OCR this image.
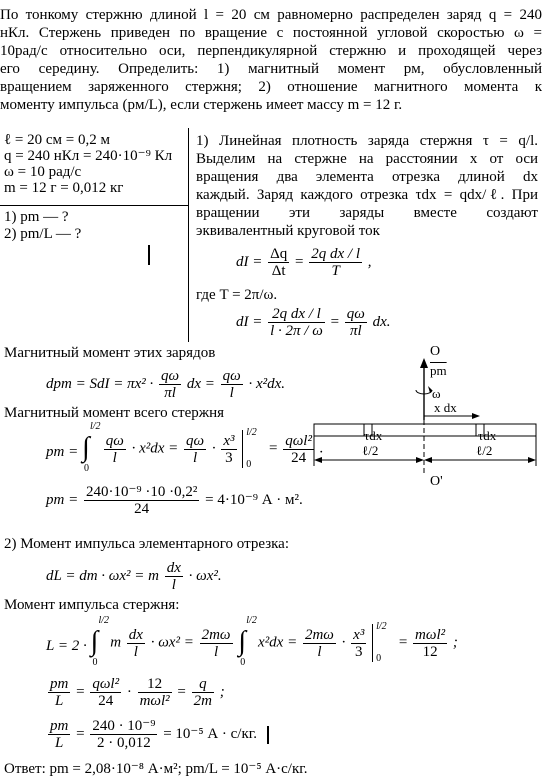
По тонкому стержню длиной l = 20 см равномерно распределен заряд q = 240
нКл. Стержень приведен по вращение с постоянной угловой скоростью ω =
10рад/с относительно оси, перпендикулярной стержню и проходящей через
его середину. Определить: 1) магнитный момент pм, обусловленный
вращением заряженного стержня; 2) отношение магнитного момента к
моменту импульса (pм/L), если стержень имеет массу m = 12 г.
ℓ = 20 см = 0,2 м
q = 240 нКл = 240·10⁻⁹ Кл
ω = 10 рад/с
m = 12 г = 0,012 кг
1) pm — ?
2) pm/L — ?
1) Линейная плотность заряда стержня τ = q/l.
Выделим на стержне на расстоянии x от оси
вращения два элемента отрезка длиной dx
каждый. Заряд каждого отрезка τdx = qdx/ℓ. При
вращении эти заряды вместе создают
эквивалентный круговой ток
dI = $\frac{\Delta q}{\Delta t} = \frac{\text{2q dx / l}}{T}$ ,
где T = 2π/ω.
dI = $\frac{\text{2q dx / l}}{l \cdot 2\pi / \omega} = \frac{q\omega}{\pi l}$ dx.
Магнитный момент этих зарядов
dpm = SdI = $\pi x^2 \cdot \frac{q\omega}{\pi l}$ dx = $\frac{q\omega}{l} \cdot x^2dx$.
Магнитный момент всего стержня
pm = ∫
l/2
0

$\frac{q\omega}{l} \cdot x^2dx = \frac{q\omega}{l} \cdot \frac{\text{x³}}{3}$
l/2
0
= $\frac{\text{qωl²}}{24}$ .
pm = $\frac{\text{240·10⁻⁹ ·10 ·0,2²}}{24} = 4\cdot 10^{-9}$ А · м².
O
O'
$\overline{pm}$
ω
x dx
τdx	τdx
ℓ/2	ℓ/2
2) Момент импульса элементарного отрезка:
dL = dm · ωx² = m $\frac{dx}{l} \cdot \omega x^2$.
Момент импульса стержня:
L = 2 · ∫
l/2
0
m $\frac{dx}{l} \cdot \omega x^2 = \frac{2m\omega}{l}$
∫
l/2
0
$x^2dx = \frac{2m\omega}{l} \cdot \frac{\text{x³}}{3}$
l/2
0
= $\frac{\text{mωl²}}{12}$ ;
$\frac{pm}{L} = \frac{\text{qωl²}}{24} \cdot \frac{12}{\text{mωl²}} = \frac{q}{2m}$ ;
$\frac{pm}{L} = \frac{\text{240 · 10⁻⁹}}{2 \cdot 0,012} = 10^{-5}$ А · с/кг.
Ответ: pm = 2,08·10⁻⁸ А·м²; pm/L = 10⁻⁵ А·с/кг.
